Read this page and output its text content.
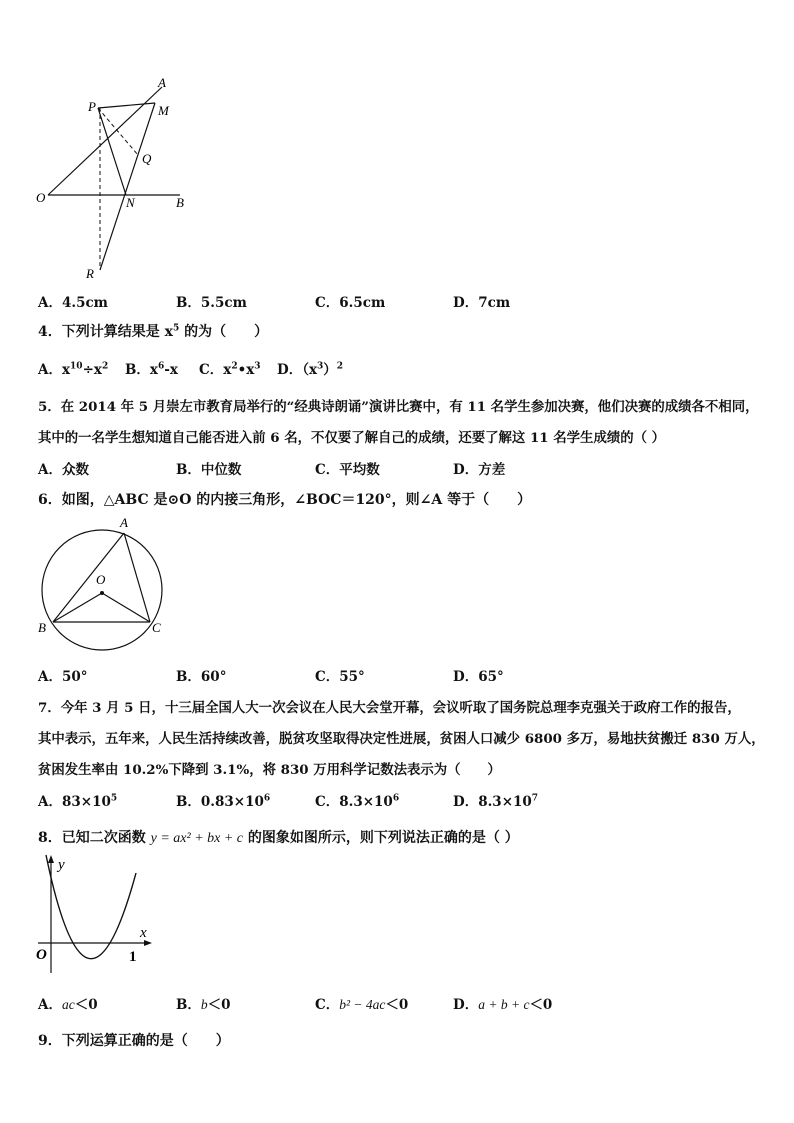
A
M
P
Q
O	N	B
R
A．4.5cm	B．5.5cm	C．6.5cm	D．7cm
4．下列计算结果是 $x^5$ 的为（　　）
A．$x^{10}\div x^2$ B．$x^6-x$ C．$x^2•x^3$ D．$(x^3)^2$
5．在 2014 年 5 月崇左市教育局举行的“经典诗朗诵”演讲比赛中，有 11 名学生参加决赛，他们决赛的成绩各不相同，
其中的一名学生想知道自己能否进入前 6 名，不仅要了解自己的成绩，还要了解这 11 名学生成绩的（ ）
A．众数	B．中位数	C．平均数	D．方差
6．如图，△ABC 是⊙O 的内接三角形，∠BOC＝120°，则∠A 等于（　　）
A
O
B	C
A．50°	B．60°	C．55°	D．65°
7．今年 3 月 5 日，十三届全国人大一次会议在人民大会堂开幕，会议听取了国务院总理李克强关于政府工作的报告，
其中表示，五年来，人民生活持续改善，脱贫攻坚取得决定性进展，贫困人口减少 6800 多万，易地扶贫搬迁 830 万人，
贫困发生率由 10.2%下降到 3.1%，将 830 万用科学记数法表示为（　　）
A．$83\times 10^5$	B．$0.83\times 10^6$	C．$8.3\times 10^6$	D．$8.3\times 10^7$
8．已知二次函数 y = ax² + bx + c 的图象如图所示，则下列说法正确的是（ ）
y
x
O	1
A．ac＜0	B．b＜0	C．b² − 4ac＜0	D．a + b + c＜0
9．下列运算正确的是（　　）
